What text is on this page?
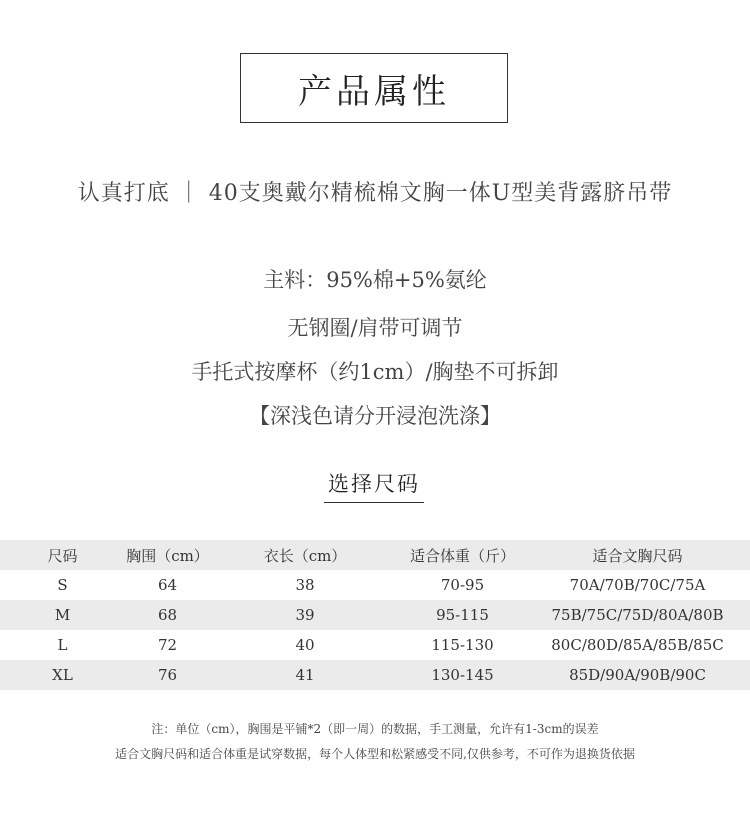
产品属性
认真打底 ｜ 40支奥戴尔精梳棉文胸一体U型美背露脐吊带
主料：95%棉+5%氨纶
无钢圈/肩带可调节
手托式按摩杯（约1cm）/胸垫不可拆卸
【深浅色请分开浸泡洗涤】
选择尺码
尺码	胸围（cm）	衣长（cm）	适合体重（斤）	适合文胸尺码
S	64	38	70-95	70A/70B/70C/75A
M	68	39	95-115	75B/75C/75D/80A/80B
L	72	40	115-130	80C/80D/85A/85B/85C
XL	76	41	130-145	85D/90A/90B/90C
注：单位（cm），胸围是平铺*2（即一周）的数据，手工测量，允许有1-3cm的误差
适合文胸尺码和适合体重是试穿数据，每个人体型和松紧感受不同,仅供参考，不可作为退换货依据
